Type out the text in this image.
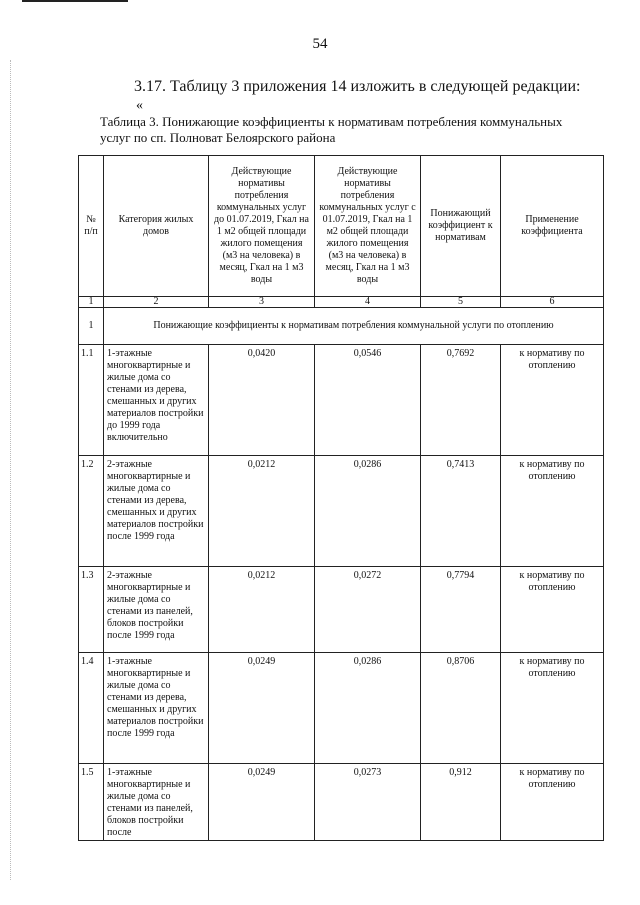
54
3.17. Таблицу 3 приложения 14 изложить в следующей редакции:
«
Таблица 3. Понижающие коэффициенты к нормативам потребления коммунальных
услуг по сп. Полноват Белоярского района
№ п/п	Категория жилых домов	Действующие нормативы потребления коммунальных услуг до 01.07.2019, Гкал на 1 м2 общей площади жилого помещения (м3 на человека) в месяц, Гкал на 1 м3 воды	Действующие нормативы потребления коммунальных услуг с 01.07.2019, Гкал на 1 м2 общей площади жилого помещения (м3 на человека) в месяц, Гкал на 1 м3 воды	Понижающий коэффициент к нормативам	Применение коэффициента
1	2	3	4	5	6
1	Понижающие коэффициенты к нормативам потребления коммунальной услуги по отоплению				
1.1	1-этажные многоквартирные и жилые дома со стенами из дерева, смешанных и других материалов постройки до 1999 года включительно	0,0420	0,0546	0,7692	к нормативу по отоплению
1.2	2-этажные многоквартирные и жилые дома со стенами из дерева, смешанных и других материалов постройки после 1999 года	0,0212	0,0286	0,7413	к нормативу по отоплению
1.3	2-этажные многоквартирные и жилые дома со стенами из панелей, блоков постройки после 1999 года	0,0212	0,0272	0,7794	к нормативу по отоплению
1.4	1-этажные многоквартирные и жилые дома со стенами из дерева, смешанных и других материалов постройки после 1999 года	0,0249	0,0286	0,8706	к нормативу по отоплению
1.5	1-этажные многоквартирные и жилые дома со стенами из панелей, блоков постройки после	0,0249	0,0273	0,912	к нормативу по отоплению
